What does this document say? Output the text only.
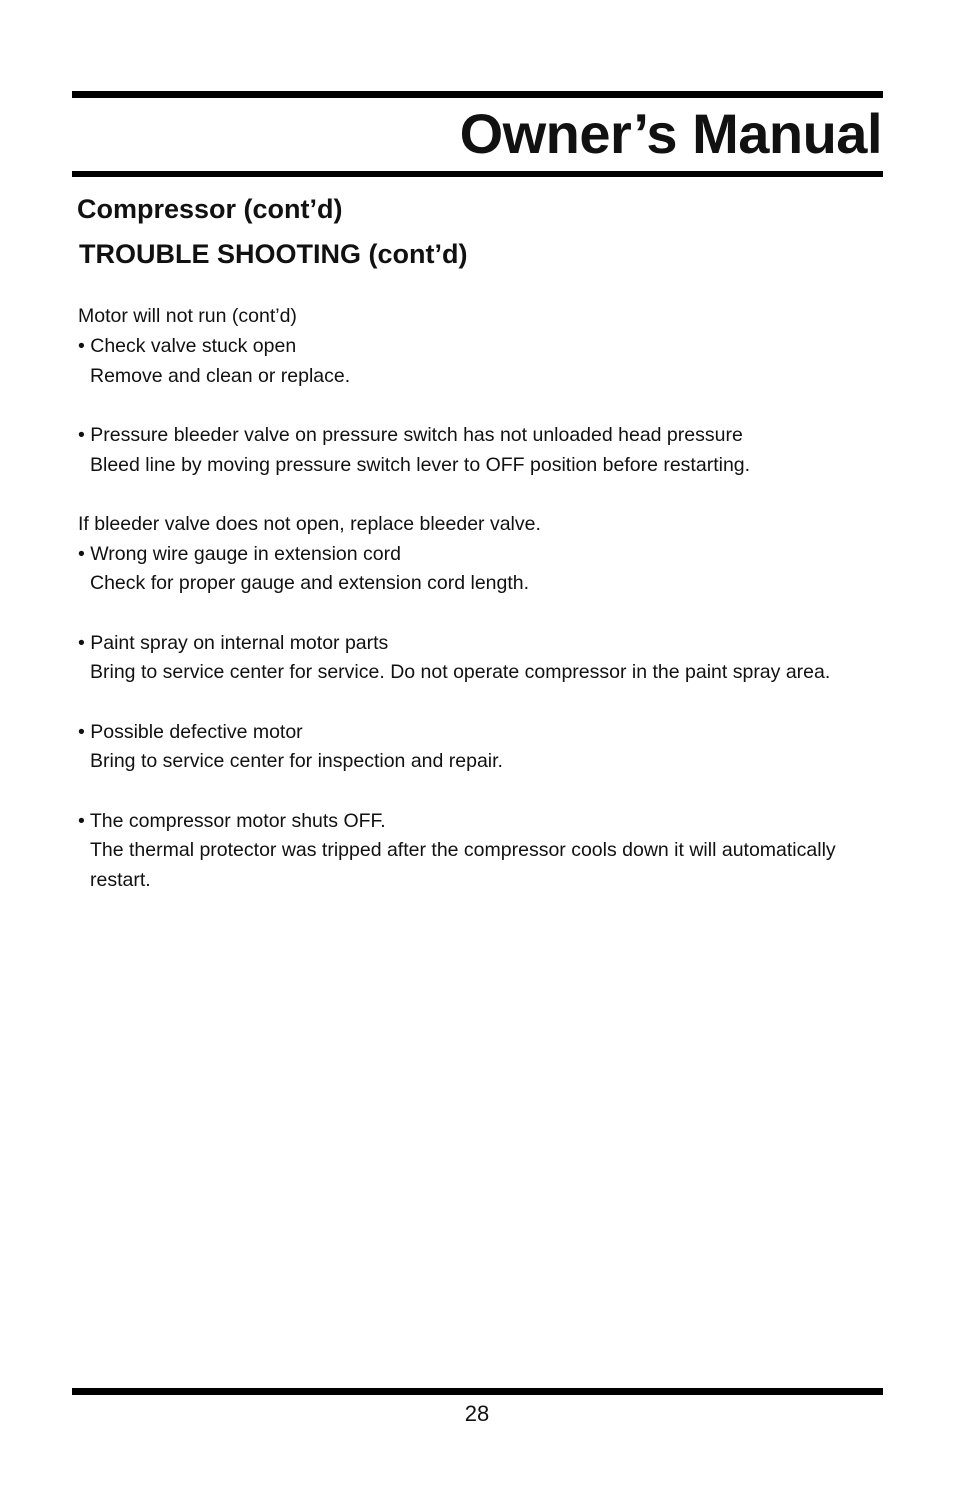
Owner’s Manual
Compressor (cont’d)
TROUBLE SHOOTING (cont’d)
Motor will not run (cont’d)
• Check valve stuck open
Remove and clean or replace.
• Pressure bleeder valve on pressure switch has not unloaded head pressure
Bleed line by moving pressure switch lever to OFF position before restarting.
If bleeder valve does not open, replace bleeder valve.
• Wrong wire gauge in extension cord
Check for proper gauge and extension cord length.
• Paint spray on internal motor parts
Bring to service center for service. Do not operate compressor in the paint spray area.
• Possible defective motor
Bring to service center for inspection and repair.
• The compressor motor shuts OFF.
The thermal protector was tripped after the compressor cools down it will automatically
restart.
28
